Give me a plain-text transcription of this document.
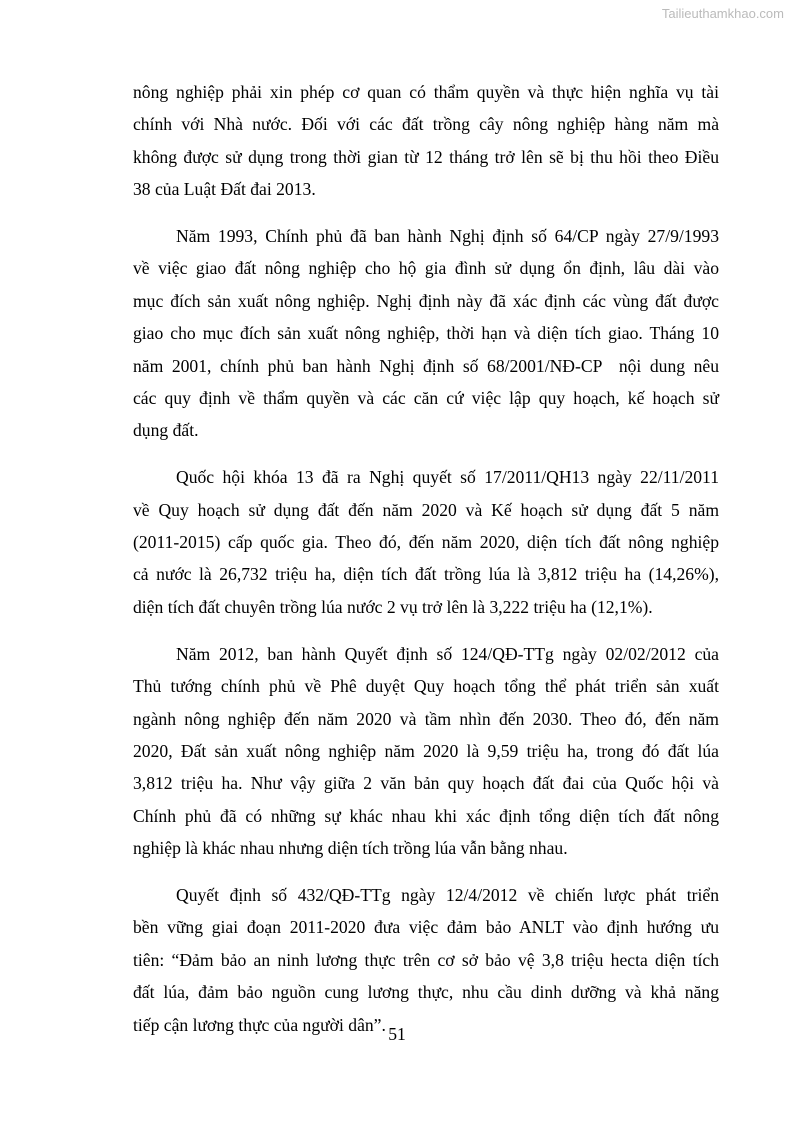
Tailieuthamkhao.com
nông nghiệp phải xin phép cơ quan có thẩm quyền và thực hiện nghĩa vụ tài
chính với Nhà nước. Đối với các đất trồng cây nông nghiệp hàng năm mà
không được sử dụng trong thời gian từ 12 tháng trở lên sẽ bị thu hồi theo Điều
38 của Luật Đất đai 2013.
Năm 1993, Chính phủ đã ban hành Nghị định số 64/CP ngày 27/9/1993
về việc giao đất nông nghiệp cho hộ gia đình sử dụng ổn định, lâu dài vào
mục đích sản xuất nông nghiệp. Nghị định này đã xác định các vùng đất được
giao cho mục đích sản xuất nông nghiệp, thời hạn và diện tích giao. Tháng 10
năm 2001, chính phủ ban hành Nghị định số 68/2001/NĐ-CP  nội dung nêu
các quy định về thẩm quyền và các căn cứ việc lập quy hoạch, kế hoạch sử
dụng đất.
Quốc hội khóa 13 đã ra Nghị quyết số 17/2011/QH13 ngày 22/11/2011
về Quy hoạch sử dụng đất đến năm 2020 và Kế hoạch sử dụng đất 5 năm
(2011-2015) cấp quốc gia. Theo đó, đến năm 2020, diện tích đất nông nghiệp
cả nước là 26,732 triệu ha, diện tích đất trồng lúa là 3,812 triệu ha (14,26%),
diện tích đất chuyên trồng lúa nước 2 vụ trở lên là 3,222 triệu ha (12,1%).
Năm 2012, ban hành Quyết định số 124/QĐ-TTg ngày 02/02/2012 của
Thủ tướng chính phủ về Phê duyệt Quy hoạch tổng thể phát triển sản xuất
ngành nông nghiệp đến năm 2020 và tầm nhìn đến 2030. Theo đó, đến năm
2020, Đất sản xuất nông nghiệp năm 2020 là 9,59 triệu ha, trong đó đất lúa
3,812 triệu ha. Như vậy giữa 2 văn bản quy hoạch đất đai của Quốc hội và
Chính phủ đã có những sự khác nhau khi xác định tổng diện tích đất nông
nghiệp là khác nhau nhưng diện tích trồng lúa vẫn bằng nhau.
Quyết định số 432/QĐ-TTg ngày 12/4/2012 về chiến lược phát triển
bền vững giai đoạn 2011-2020 đưa việc đảm bảo ANLT vào định hướng ưu
tiên: “Đảm bảo an ninh lương thực trên cơ sở bảo vệ 3,8 triệu hecta diện tích
đất lúa, đảm bảo nguồn cung lương thực, nhu cầu dinh dưỡng và khả năng
tiếp cận lương thực của người dân”. 51
